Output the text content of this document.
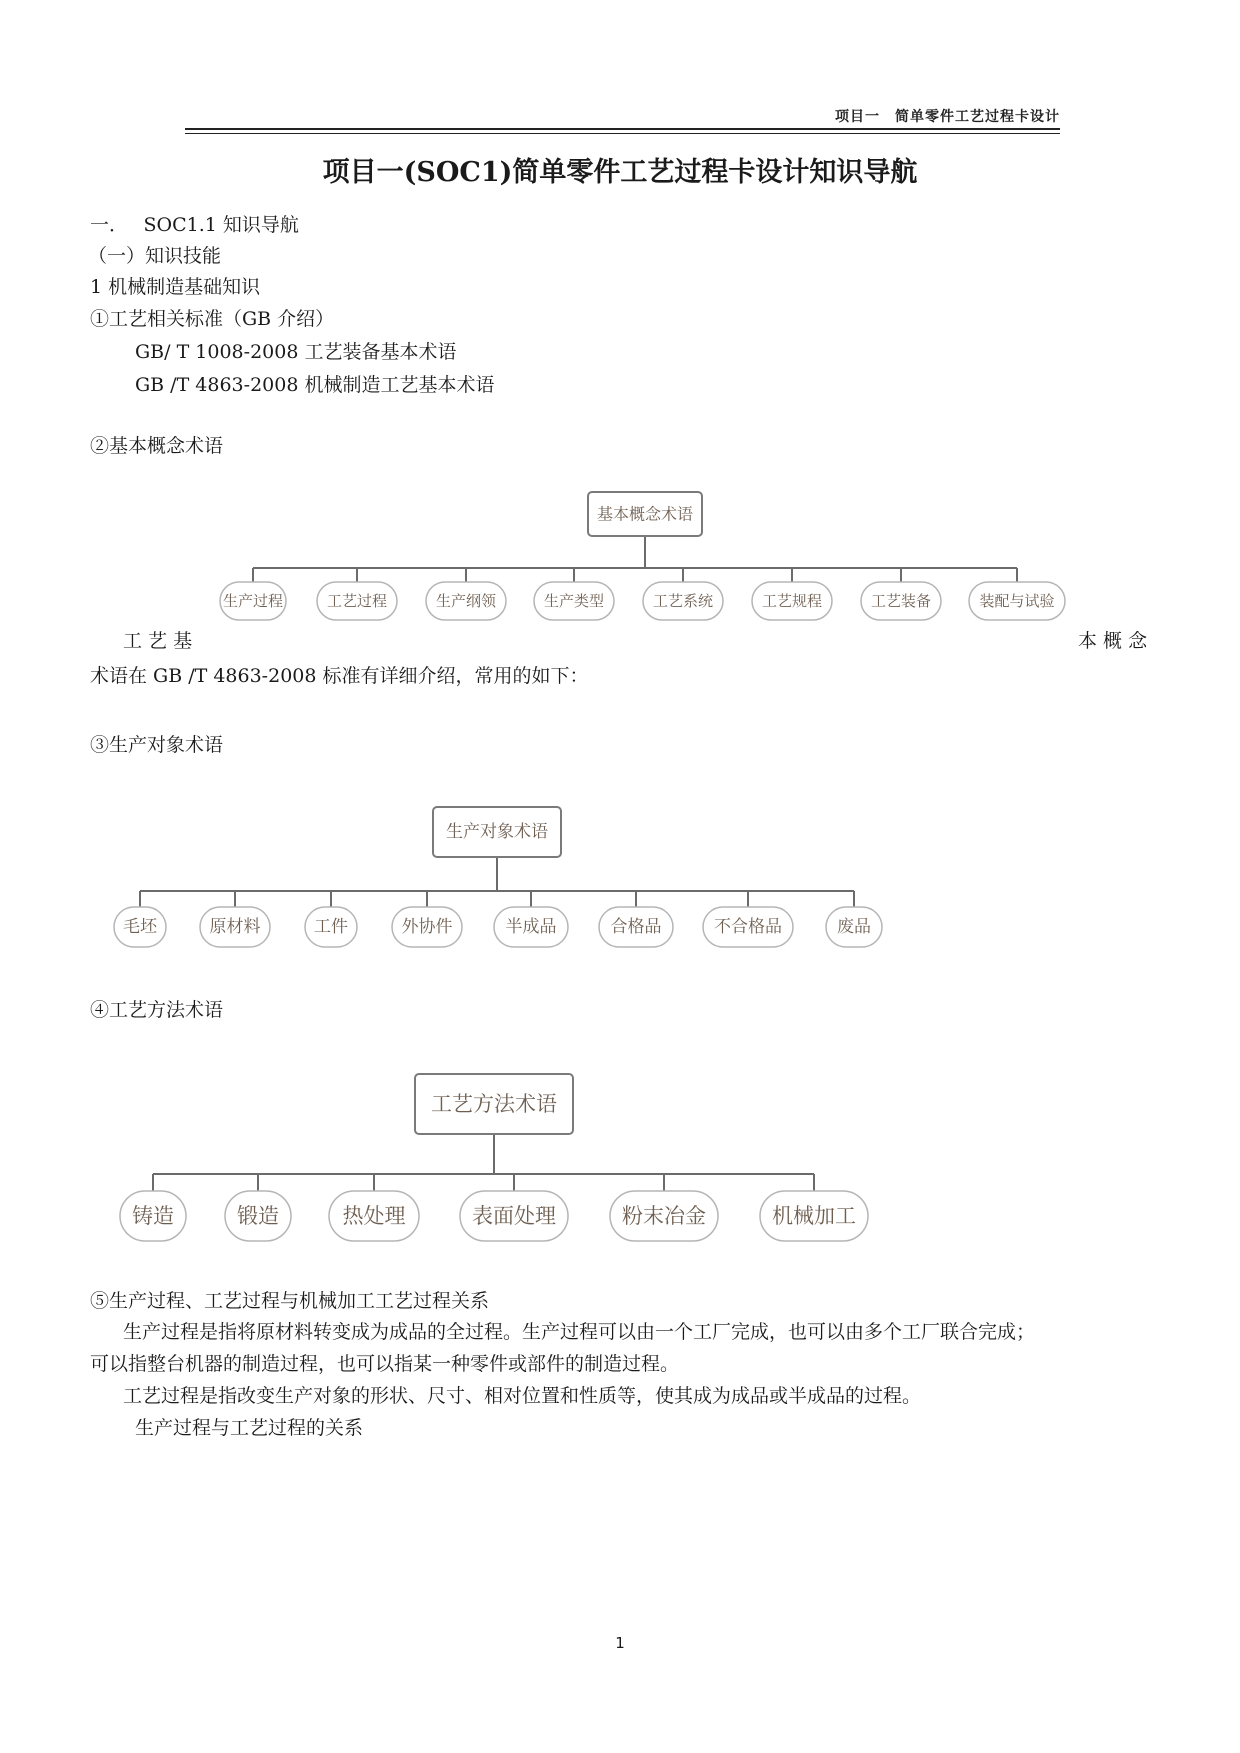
项目一　简单零件工艺过程卡设计
项目一(SOC1)简单零件工艺过程卡设计知识导航
一．　 SOC1.1 知识导航
（一）知识技能
1 机械制造基础知识
①工艺相关标准（GB 介绍）
GB/ T 1008-2008 工艺装备基本术语
GB /T 4863-2008 机械制造工艺基本术语
②基本概念术语
基本概念术语
生产过程	工艺过程	生产纲领	生产类型	工艺系统	工艺规程	工艺装备	装配与试验
工 艺 基	本 概 念
术语在 GB /T 4863-2008 标准有详细介绍，常用的如下：
③生产对象术语
生产对象术语
毛坯	原材料	工件	外协件	半成品	合格品	不合格品	废品
④工艺方法术语
工艺方法术语
铸造	锻造	热处理	表面处理	粉末冶金	机械加工
⑤生产过程、工艺过程与机械加工工艺过程关系
生产过程是指将原材料转变成为成品的全过程。生产过程可以由一个工厂完成，也可以由多个工厂联合完成；
可以指整台机器的制造过程，也可以指某一种零件或部件的制造过程。
工艺过程是指改变生产对象的形状、尺寸、相对位置和性质等，使其成为成品或半成品的过程。
生产过程与工艺过程的关系
1
